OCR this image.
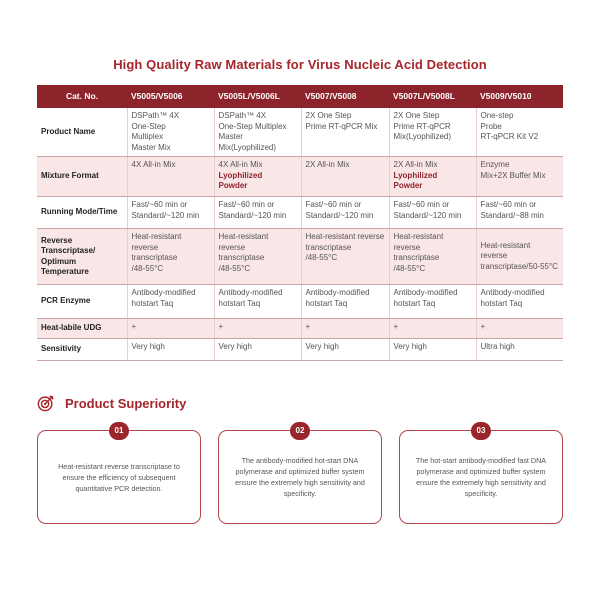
High Quality Raw Materials for Virus Nucleic Acid Detection
Cat. No.	V5005/V5006	V5005L/V5006L	V5007/V5008	V5007L/V5008L	V5009/V5010
Product Name	DSPath™ 4X
One-Step
Multiplex
Master Mix	DSPath™ 4X
One-Step Multiplex
Master
Mix(Lyophilized)	2X One Step
Prime RT-qPCR Mix	2X One Step
Prime RT-qPCR
Mix(Lyophilized)	One-step
Probe
RT-qPCR Kit V2

Mixture Format	4X All-in Mix	4X All-in Mix
Lyophilized
Powder	2X All-in Mix	2X All-in Mix
Lyophilized
Powder	Enzyme
Mix+2X Buffer Mix

Running Mode/Time	Fast/~60 min or
Standard/~120 min	Fast/~60 min or
Standard/~120 min	Fast/~60 min or
Standard/~120 min	Fast/~60 min or
Standard/~120 min	Fast/~60 min or
Standard/~88 min

Reverse Transcriptase/ Optimum Temperature	Heat-resistant reverse
transcriptase
/48-55°C	Heat-resistant reverse
transcriptase
/48-55°C	Heat-resistant reverse
transcriptase
/48-55°C	Heat-resistant reverse
transcriptase
/48-55°C	Heat-resistant reverse
transcriptase/50-55°C

PCR Enzyme	Antibody-modified
hotstart Taq	Antibody-modified
hotstart Taq	Antibody-modified
hotstart Taq	Antibody-modified
hotstart Taq	Antibody-modified
hotstart Taq

Heat-labile UDG	+	+	+	+	+

Sensitivity	Very high	Very high	Very high	Very high	Ultra high
Product Superiority
01
Heat-resistant reverse transcriptase to ensure the efficiency of subsequent quantitative PCR detection.
02
The antibody-modified hot-start DNA polymerase and optimized buffer system ensure the extremely high sensitivity and specificity.
03
The hot-start antibody-modified fast DNA polymerase and optimized buffer system ensure the extremely high sensitivity and specificity.
